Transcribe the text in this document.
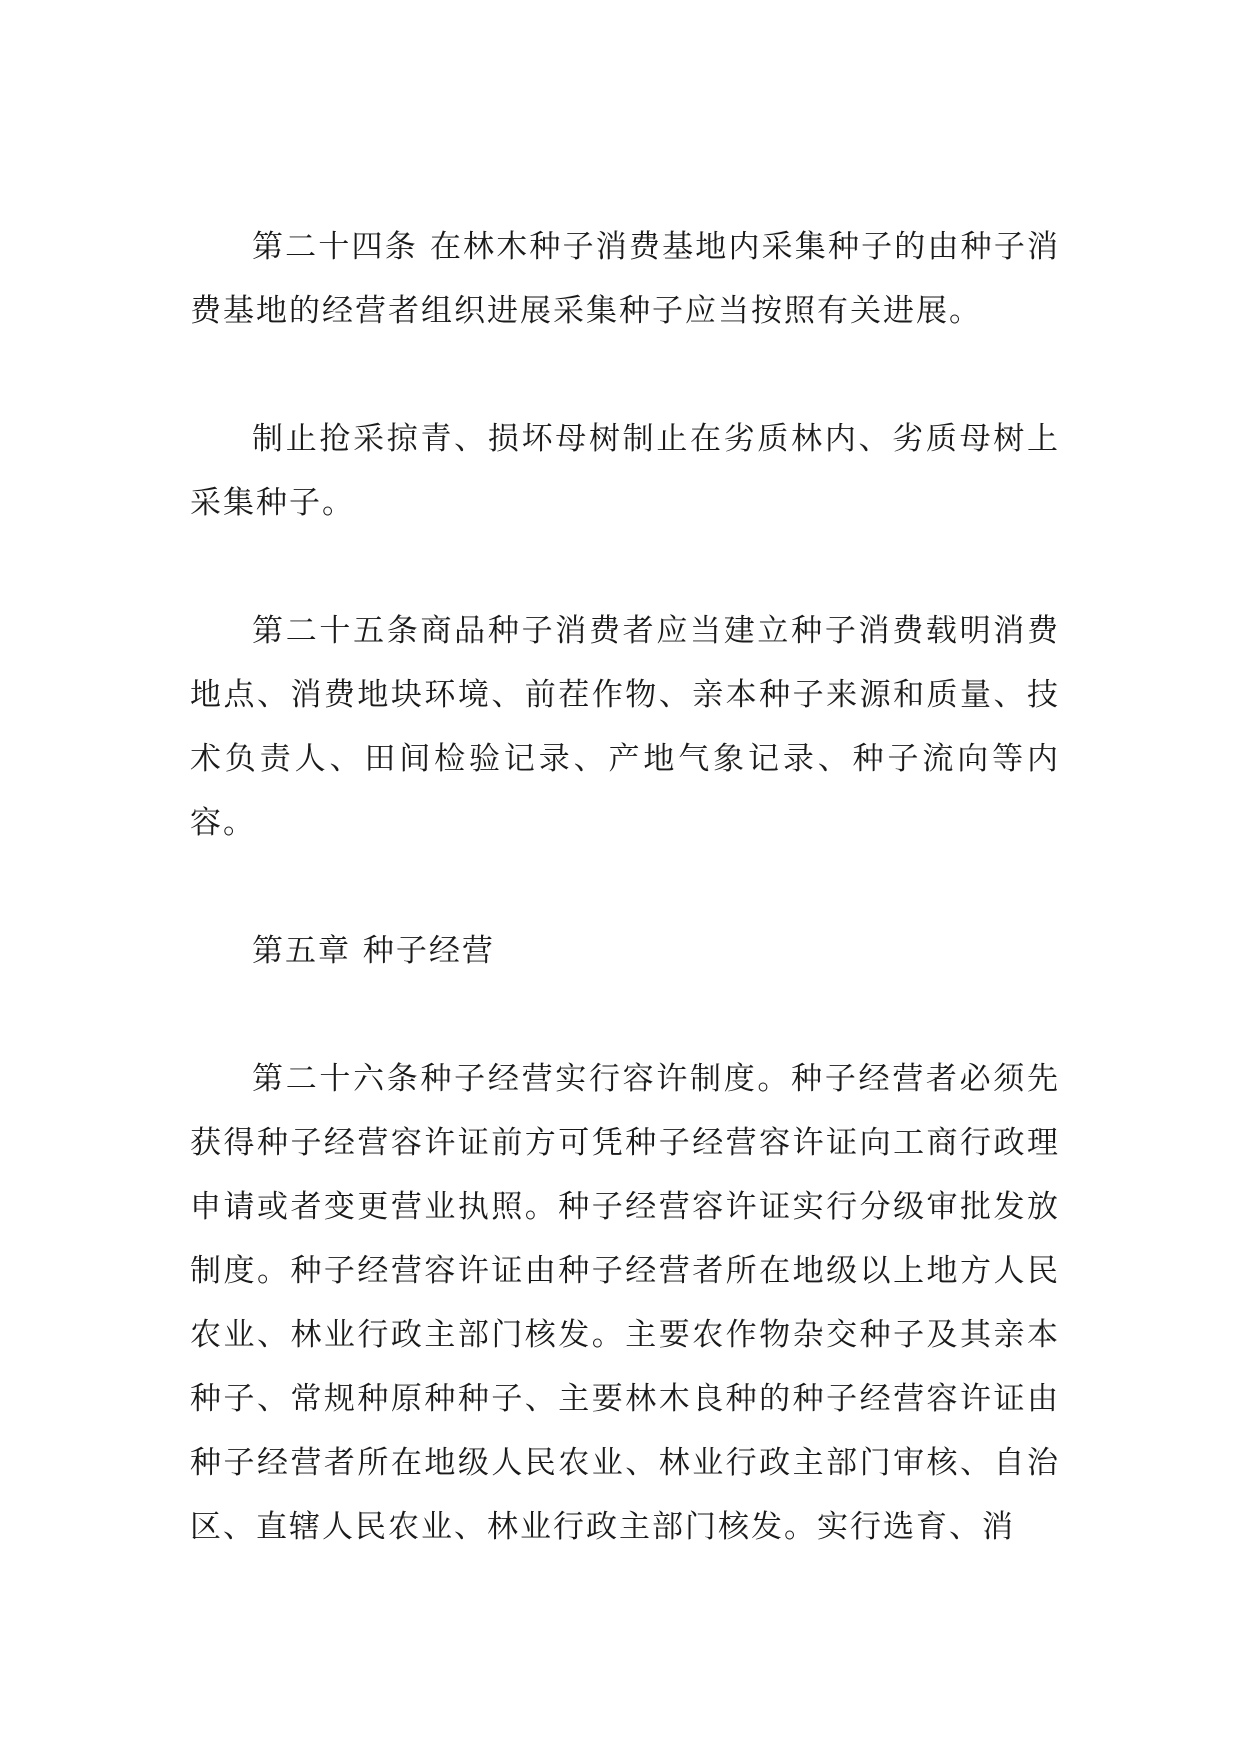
第二十四条 在林木种子消费基地内采集种子的由种子消费基地的经营者组织进展采集种子应当按照有关进展。

制止抢采掠青、损坏母树制止在劣质林内、劣质母树上采集种子。

第二十五条商品种子消费者应当建立种子消费载明消费地点、消费地块环境、前茬作物、亲本种子来源和质量、技术负责人、田间检验记录、产地气象记录、种子流向等内容。

第五章 种子经营

第二十六条种子经营实行容许制度。种子经营者必须先获得种子经营容许证前方可凭种子经营容许证向工商行政理申请或者变更营业执照。种子经营容许证实行分级审批发放制度。种子经营容许证由种子经营者所在地级以上地方人民农业、林业行政主部门核发。主要农作物杂交种子及其亲本种子、常规种原种种子、主要林木良种的种子经营容许证由种子经营者所在地级人民农业、林业行政主部门审核、自治区、直辖人民农业、林业行政主部门核发。实行选育、消
